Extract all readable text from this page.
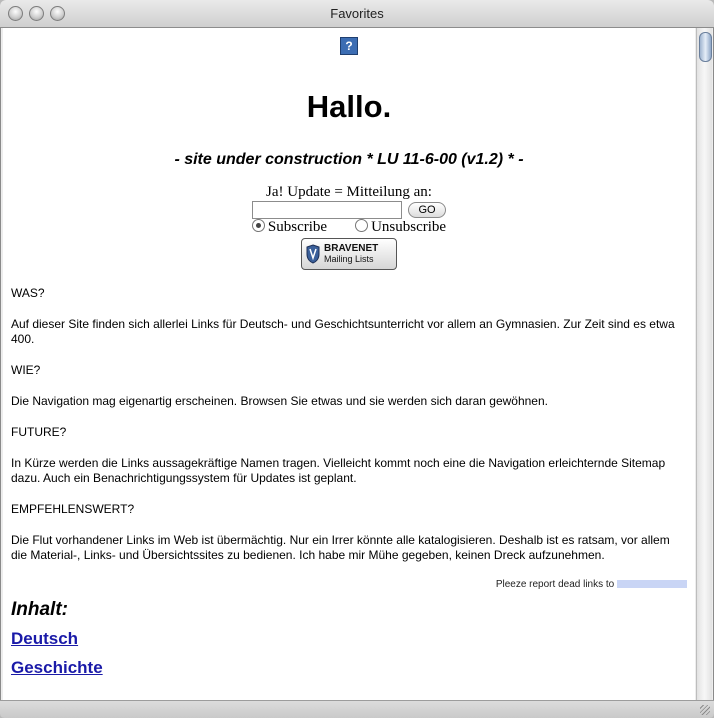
Favorites
?
Hallo.
- site under construction * LU 11-6-00 (v1.2) * -
Ja! Update = Mitteilung an:
GO
Subscribe	Unsubscribe
BRAVENET
Mailing Lists

WAS?

Auf dieser Site finden sich allerlei Links für Deutsch- und Geschichtsunterricht vor allem an Gymnasien. Zur Zeit sind es etwa 400.

WIE?

Die Navigation mag eigenartig erscheinen. Browsen Sie etwas und sie werden sich daran gewöhnen.

FUTURE?

In Kürze werden die Links aussagekräftige Namen tragen. Vielleicht kommt noch eine die Navigation erleichternde Sitemap dazu. Auch ein Benachrichtigungssystem für Updates ist geplant.

EMPFEHLENSWERT?

Die Flut vorhandener Links im Web ist übermächtig. Nur ein Irrer könnte alle katalogisieren. Deshalb ist es ratsam, vor allem die Material-, Links- und Übersichtssites zu bedienen. Ich habe mir Mühe gegeben, keinen Dreck aufzunehmen.

Pleeze report dead links to
Inhalt:
Deutsch
Geschichte
